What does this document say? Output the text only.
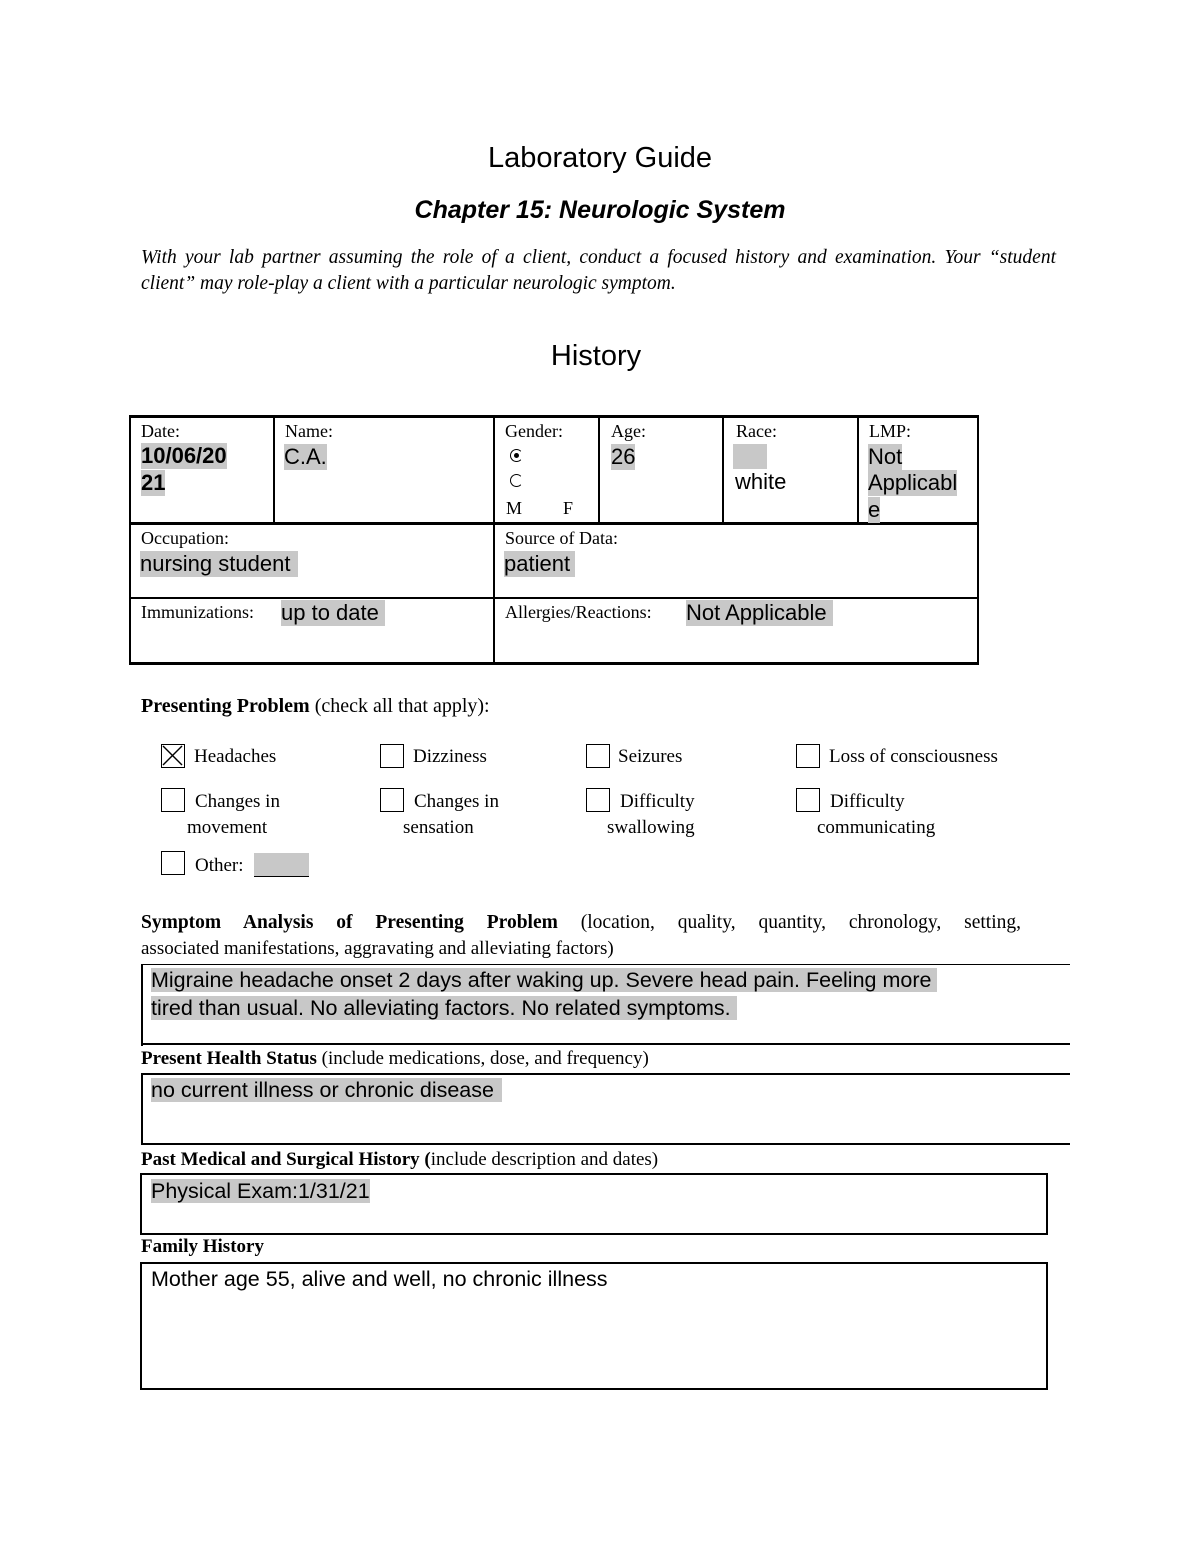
Laboratory Guide
Chapter 15: Neurologic System
With your lab partner assuming the role of a client, conduct a focused history and examination. Your “student client” may role-play a client with a particular neurologic symptom.
History
Date:
10/06/20
21
Name:
C.A.
Gender:
M F
Age:
26
Race:
white
LMP:
Not
Applicabl
e
Occupation:
nursing student
Source of Data:
patient
Immunizations: up to date	Allergies/Reactions: Not Applicable
Presenting Problem (check all that apply):
Headaches	Dizziness	Seizures	Loss of consciousness
Changes in
movement
Changes in
sensation
Difficulty
swallowing
Difficulty
communicating
Other:
Symptom Analysis of Presenting Problem (location, quality, quantity, chronology, setting,
associated manifestations, aggravating and alleviating factors)
Migraine headache onset 2 days after waking up. Severe head pain. Feeling more
tired than usual. No alleviating factors. No related symptoms.
Present Health Status (include medications, dose, and frequency)
no current illness or chronic disease
Past Medical and Surgical History (include description and dates)
Physical Exam:1/31/21
Family History
Mother age 55, alive and well, no chronic illness
